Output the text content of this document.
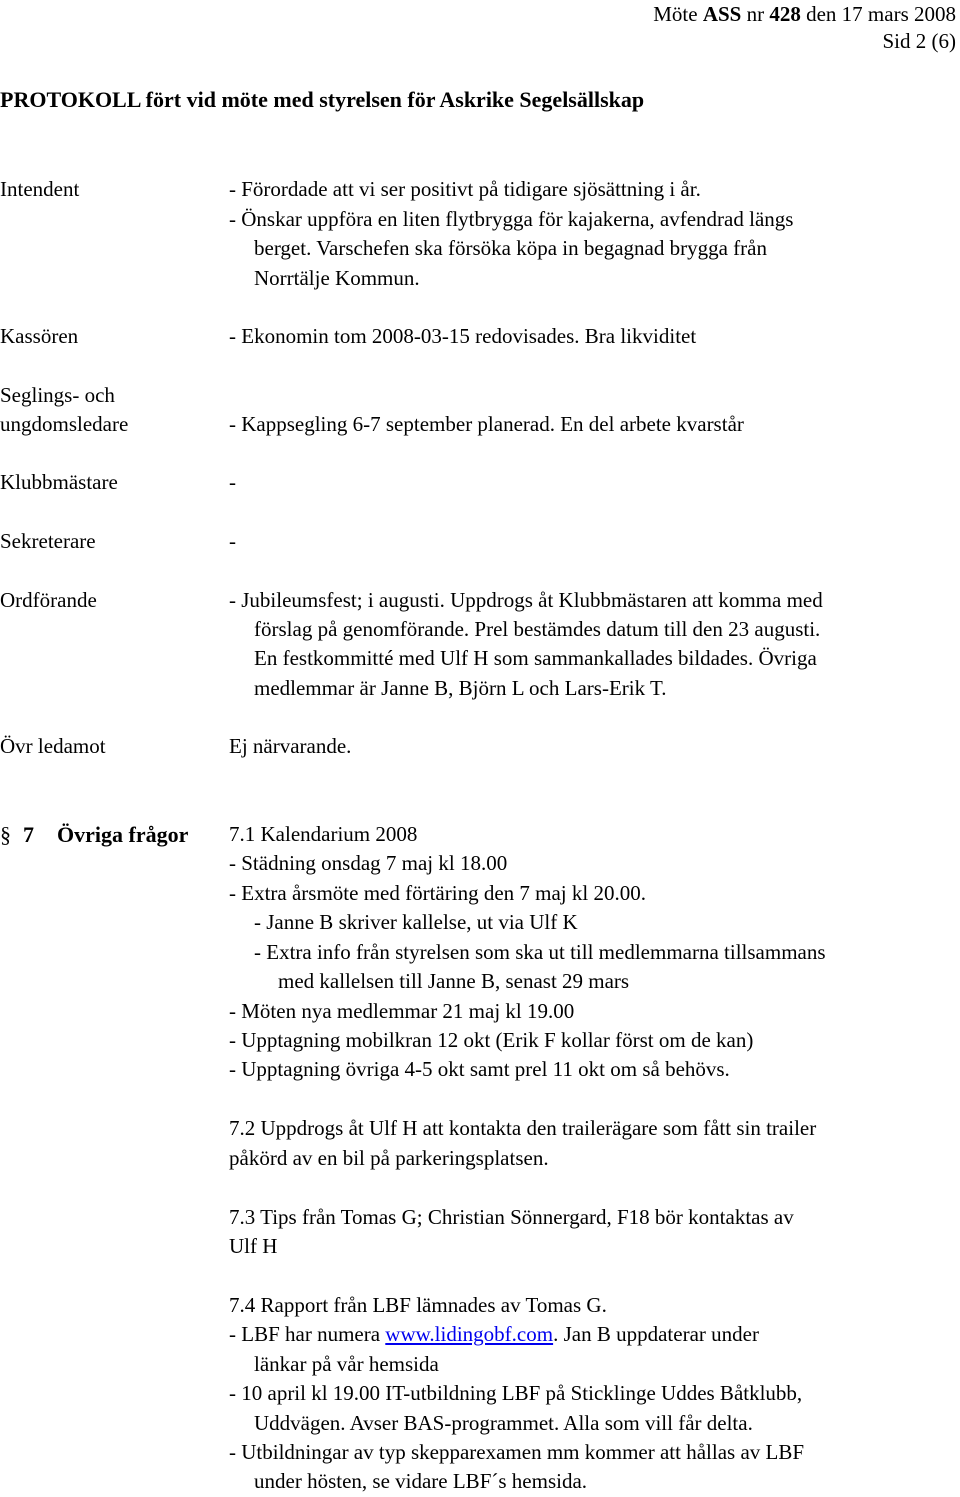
Möte ASS nr 428 den 17 mars 2008
Sid 2 (6)
PROTOKOLL fört vid möte med styrelsen för Askrike Segelsällskap
Intendent	- Förordade att vi ser positivt på tidigare sjösättning i år.
- Önskar uppföra en liten flytbrygga för kajakerna, avfendrad längs
berget. Varschefen ska försöka köpa in begagnad brygga från
Norrtälje Kommun.
Kassören	- Ekonomin tom 2008-03-15 redovisades. Bra likviditet
Seglings- och
ungdomsledare	- Kappsegling 6-7 september planerad. En del arbete kvarstår
Klubbmästare	-
Sekreterare	-
Ordförande	- Jubileumsfest; i augusti. Uppdrogs åt Klubbmästaren att komma med
förslag på genomförande. Prel bestämdes datum till den 23 augusti.
En festkommitté med Ulf H som sammankallades bildades. Övriga
medlemmar är Janne B, Björn L och Lars-Erik T.
Övr ledamot	Ej närvarande.
§ 7 Övriga frågor 7.1 Kalendarium 2008
- Städning onsdag 7 maj kl 18.00
- Extra årsmöte med förtäring den 7 maj kl 20.00.
- Janne B skriver kallelse, ut via Ulf K
- Extra info från styrelsen som ska ut till medlemmarna tillsammans
med kallelsen till Janne B, senast 29 mars
- Möten nya medlemmar 21 maj kl 19.00
- Upptagning mobilkran 12 okt (Erik F kollar först om de kan)
- Upptagning övriga 4-5 okt samt prel 11 okt om så behövs.
7.2 Uppdrogs åt Ulf H att kontakta den trailerägare som fått sin trailer
påkörd av en bil på parkeringsplatsen.
7.3 Tips från Tomas G; Christian Sönnergard, F18 bör kontaktas av
Ulf H
7.4 Rapport från LBF lämnades av Tomas G.
- LBF har numera www.lidingobf.com. Jan B uppdaterar under
länkar på vår hemsida
- 10 april kl 19.00 IT-utbildning LBF på Sticklinge Uddes Båtklubb,
Uddvägen. Avser BAS-programmet. Alla som vill får delta.
- Utbildningar av typ skepparexamen mm kommer att hållas av LBF
under hösten, se vidare LBF´s hemsida.
